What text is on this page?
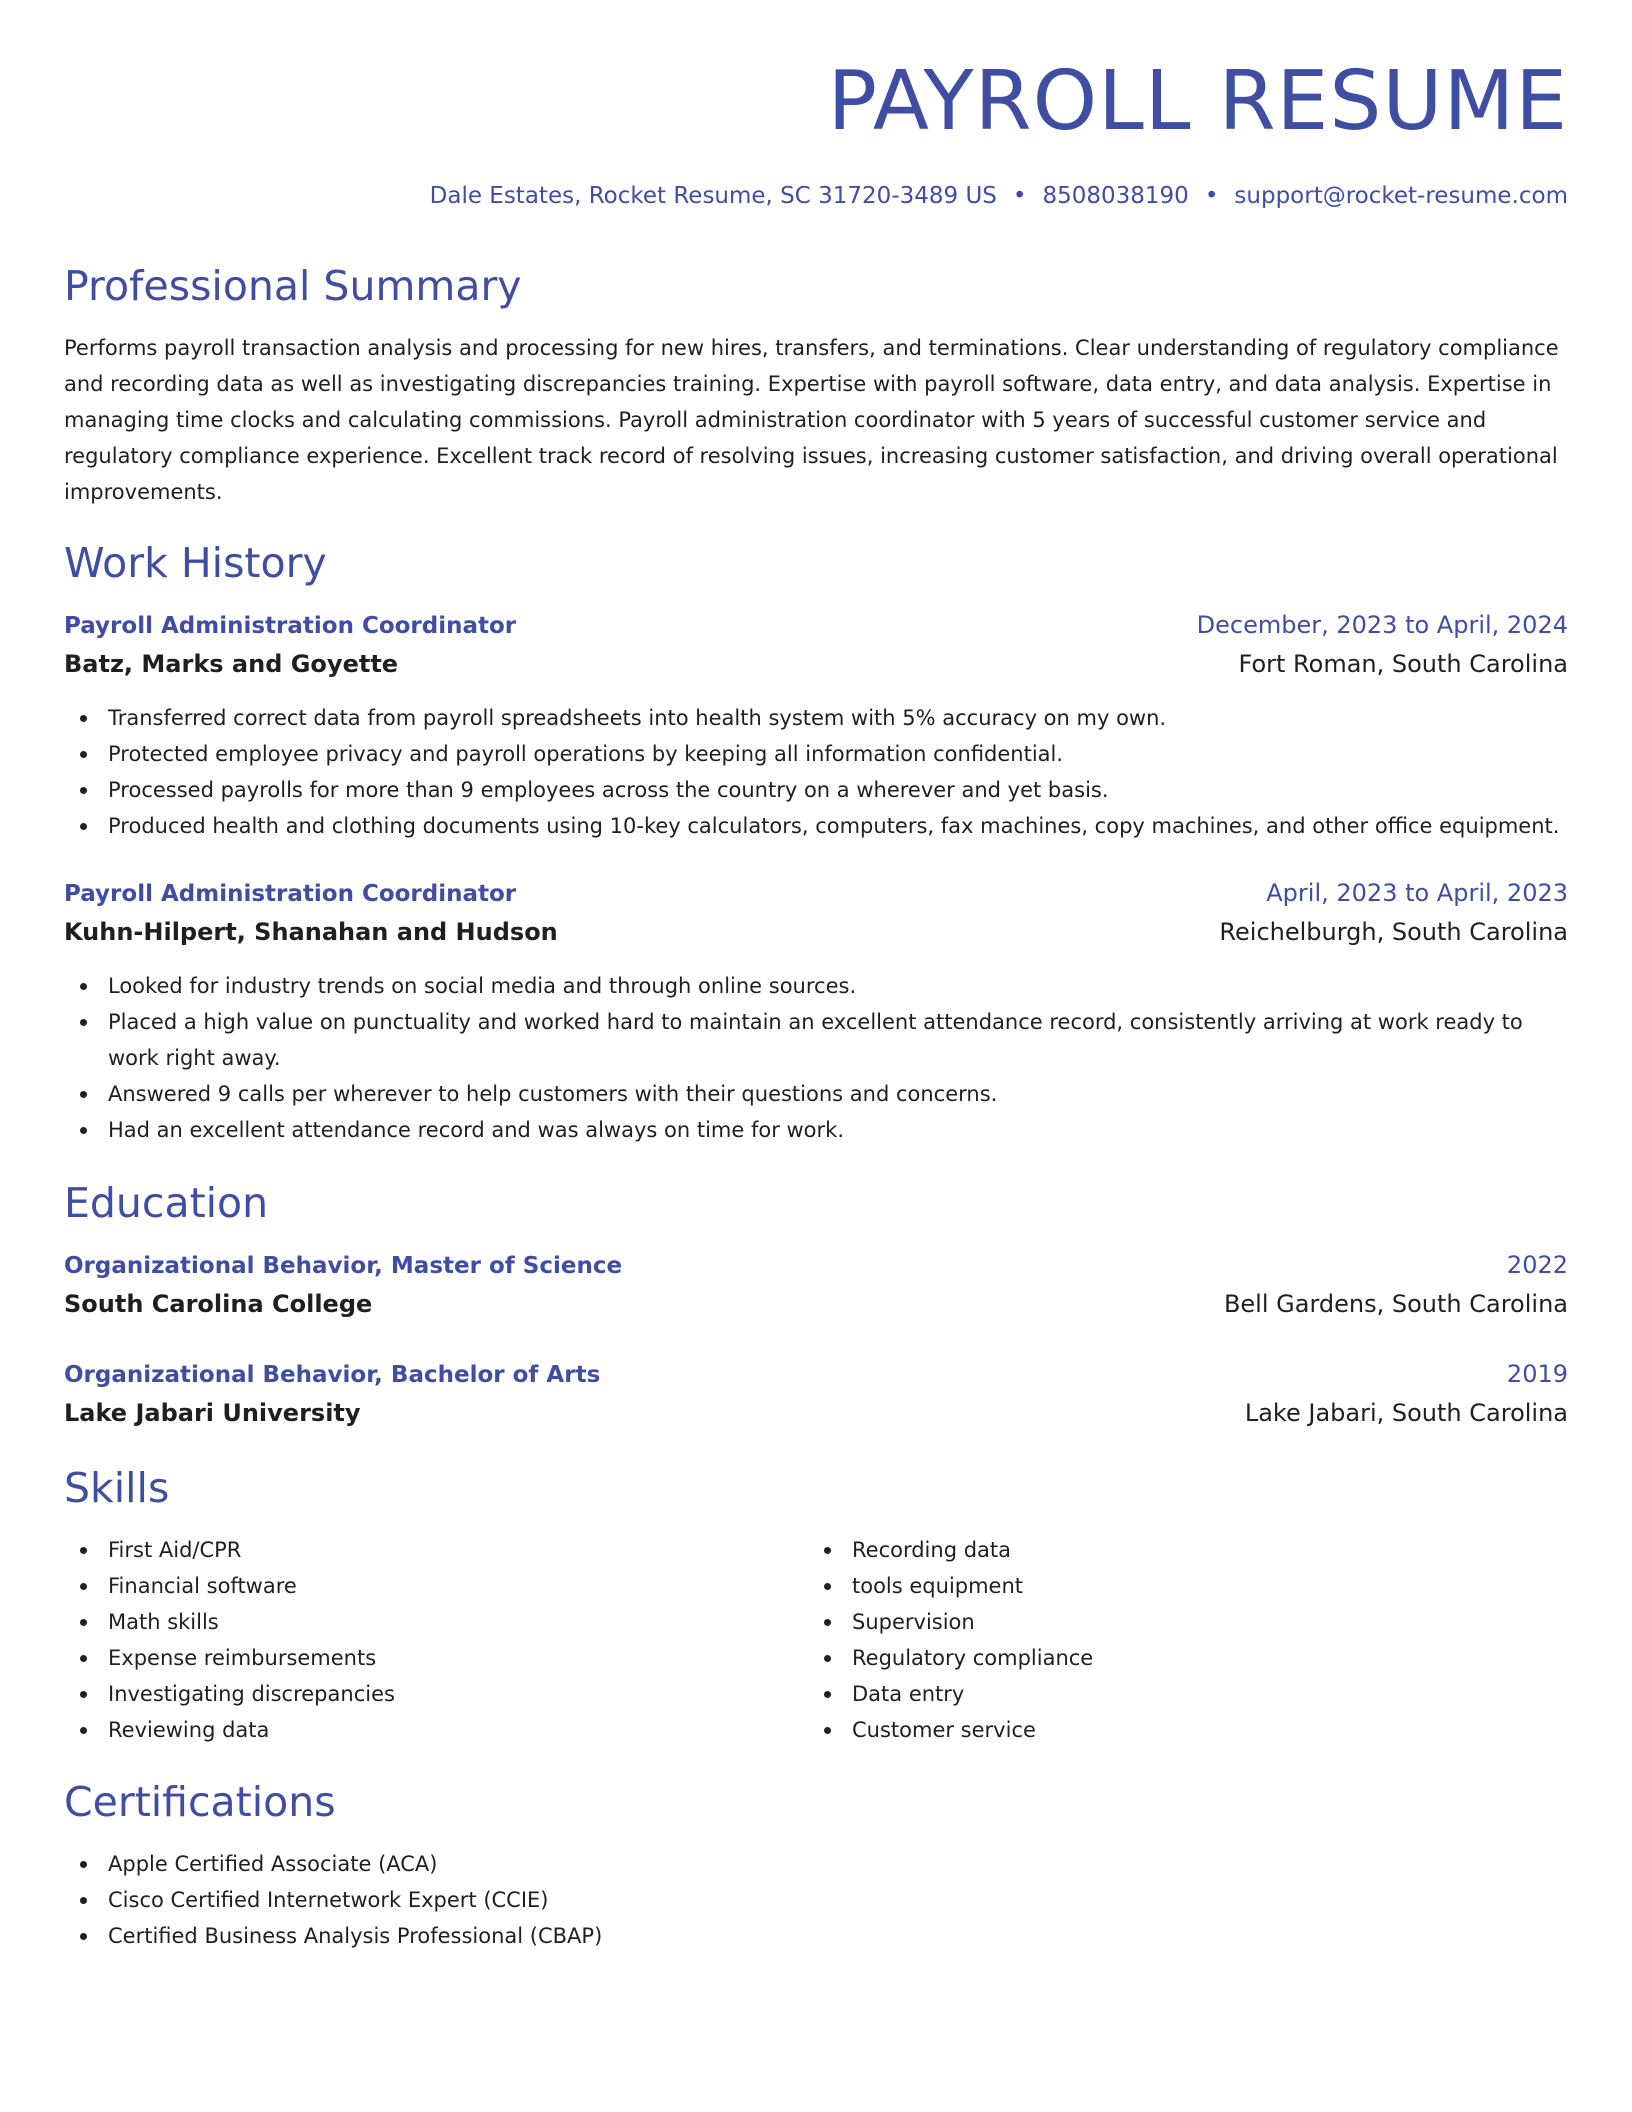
PAYROLL RESUME
Dale Estates, Rocket Resume, SC 31720-3489 US • 8508038190 • support@rocket-resume.com
Professional Summary

Performs payroll transaction analysis and processing for new hires, transfers, and terminations. Clear understanding of regulatory compliance and recording data as well as investigating discrepancies training. Expertise with payroll software, data entry, and data analysis. Expertise in managing time clocks and calculating commissions. Payroll administration coordinator with 5 years of successful customer service and regulatory compliance experience. Excellent track record of resolving issues, increasing customer satisfaction, and driving overall operational improvements.

Work History
Payroll Administration Coordinator	December, 2023 to April, 2024
Batz, Marks and Goyette	Fort Roman, South Carolina
Transferred correct data from payroll spreadsheets into health system with 5% accuracy on my own.
Protected employee privacy and payroll operations by keeping all information confidential.
Processed payrolls for more than 9 employees across the country on a wherever and yet basis.
Produced health and clothing documents using 10-key calculators, computers, fax machines, copy machines, and other office equipment.
Payroll Administration Coordinator	April, 2023 to April, 2023
Kuhn-Hilpert, Shanahan and Hudson	Reichelburgh, South Carolina
Looked for industry trends on social media and through online sources.
Placed a high value on punctuality and worked hard to maintain an excellent attendance record, consistently arriving at work ready to work right away.
Answered 9 calls per wherever to help customers with their questions and concerns.
Had an excellent attendance record and was always on time for work.
Education
Organizational Behavior, Master of Science	2022
South Carolina College	Bell Gardens, South Carolina
Organizational Behavior, Bachelor of Arts	2019
Lake Jabari University	Lake Jabari, South Carolina
Skills
First Aid/CPR
Financial software
Math skills
Expense reimbursements
Investigating discrepancies
Reviewing data
Recording data
tools equipment
Supervision
Regulatory compliance
Data entry
Customer service
Certifications
Apple Certified Associate (ACA)
Cisco Certified Internetwork Expert (CCIE)
Certified Business Analysis Professional (CBAP)
